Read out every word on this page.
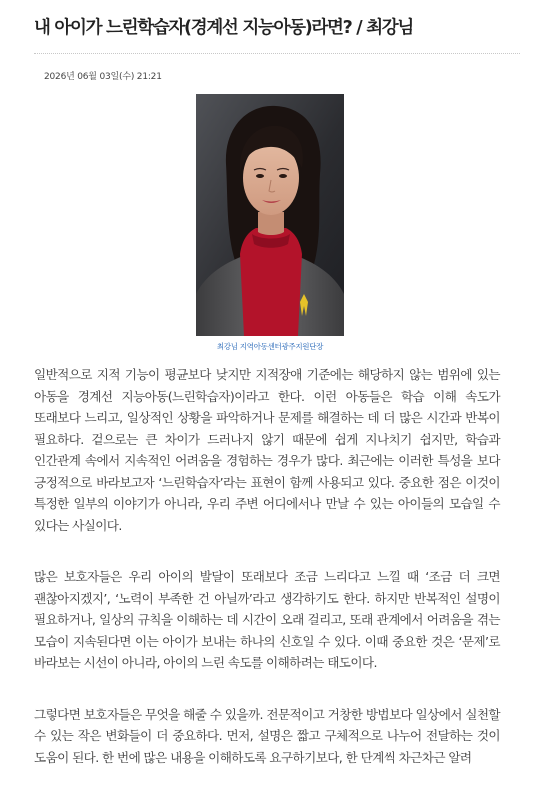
내 아이가 느린학습자(경계선 지능아동)라면? / 최강님
2026년 06월 03일(수) 21:21
최강님 지역아동센터광주지원단장

일반적으로 지적 기능이 평균보다 낮지만 지적장애 기준에는 해당하지 않는 범위에 있는 아동을 경계선 지능아동(느린학습자)이라고 한다. 이런 아동들은 학습 이해 속도가 또래보다 느리고, 일상적인 상황을 파악하거나 문제를 해결하는 데 더 많은 시간과 반복이 필요하다. 겉으로는 큰 차이가 드러나지 않기 때문에 쉽게 지나치기 쉽지만, 학습과 인간관계 속에서 지속적인 어려움을 경험하는 경우가 많다. 최근에는 이러한 특성을 보다 긍정적으로 바라보고자 ‘느린학습자’라는 표현이 함께 사용되고 있다. 중요한 점은 이것이 특정한 일부의 이야기가 아니라, 우리 주변 어디에서나 만날 수 있는 아이들의 모습일 수 있다는 사실이다.

많은 보호자들은 우리 아이의 발달이 또래보다 조금 느리다고 느낄 때 ‘조금 더 크면 괜찮아지겠지’, ‘노력이 부족한 건 아닐까’라고 생각하기도 한다. 하지만 반복적인 설명이 필요하거나, 일상의 규칙을 이해하는 데 시간이 오래 걸리고, 또래 관계에서 어려움을 겪는 모습이 지속된다면 이는 아이가 보내는 하나의 신호일 수 있다. 이때 중요한 것은 ‘문제’로 바라보는 시선이 아니라, 아이의 느린 속도를 이해하려는 태도이다.

그렇다면 보호자들은 무엇을 해줄 수 있을까. 전문적이고 거창한 방법보다 일상에서 실천할 수 있는 작은 변화들이 더 중요하다. 먼저, 설명은 짧고 구체적으로 나누어 전달하는 것이 도움이 된다. 한 번에 많은 내용을 이해하도록 요구하기보다, 한 단계씩 차근차근 알려
